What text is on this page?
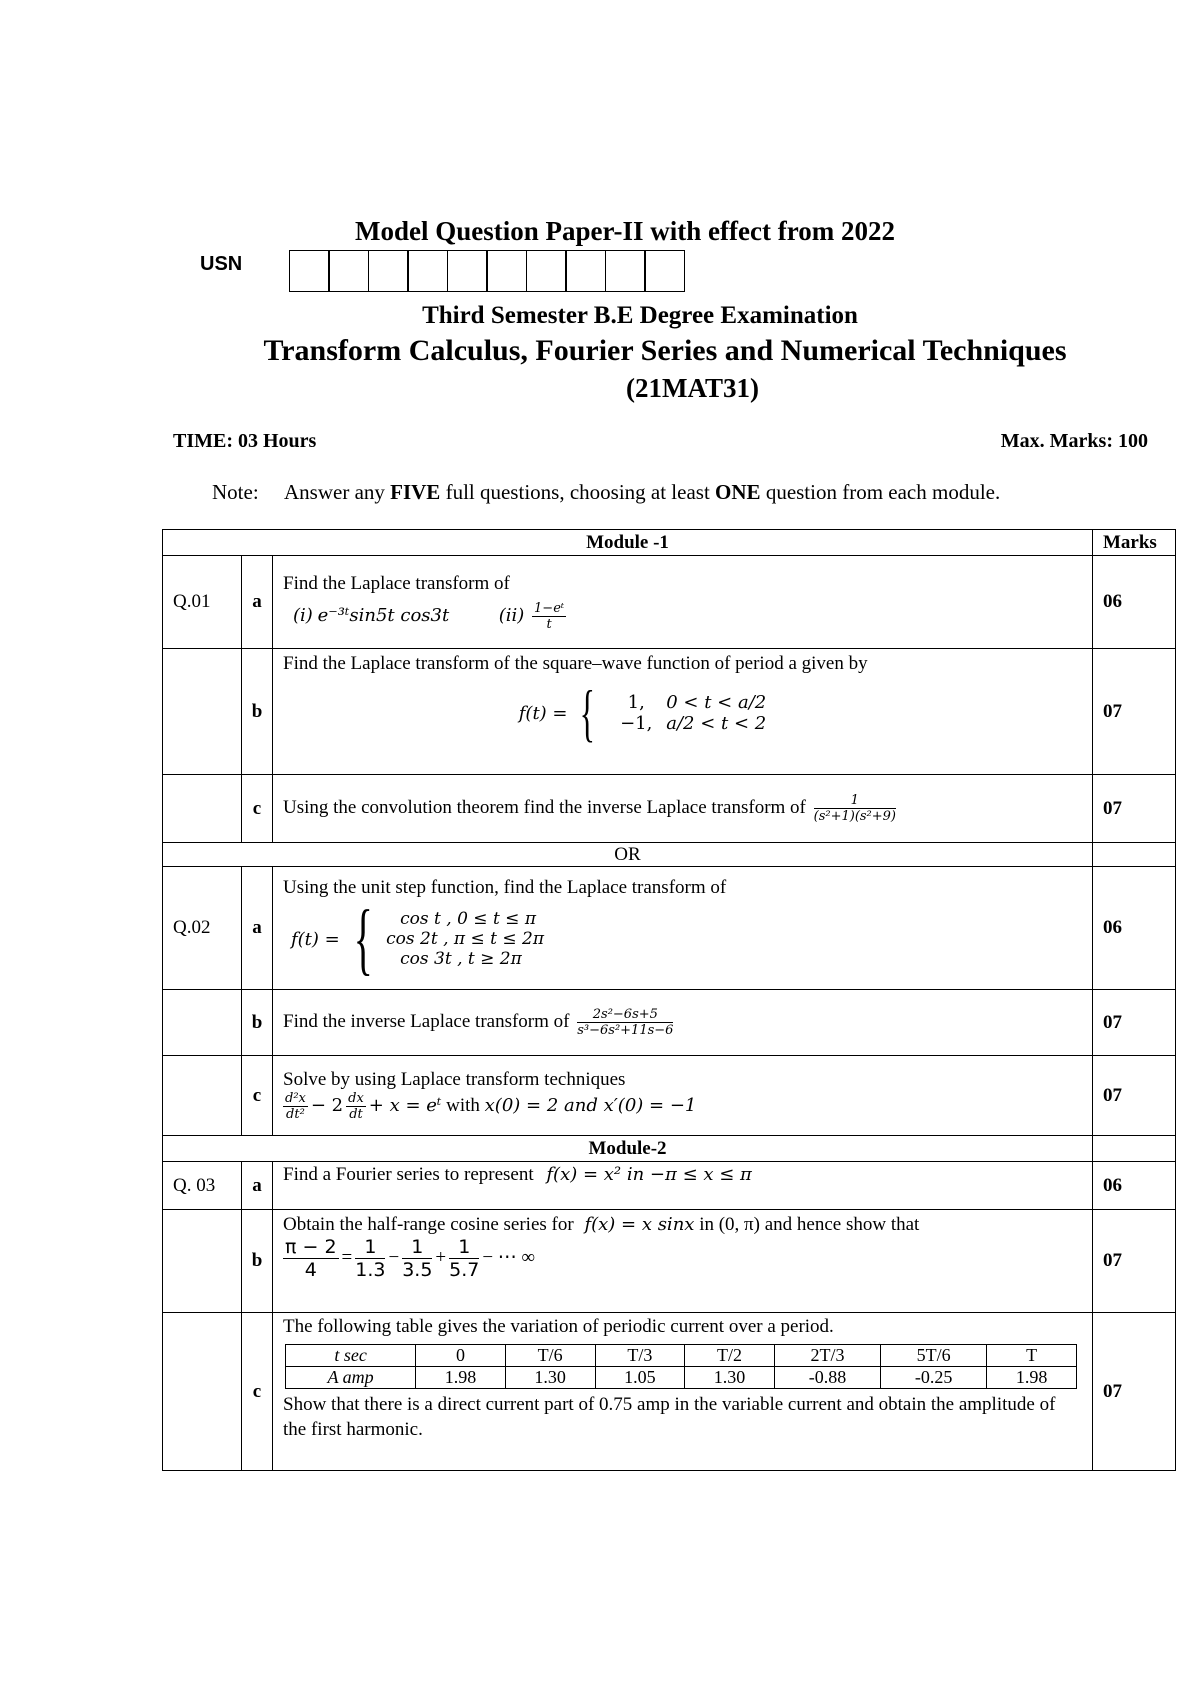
Model Question Paper-II with effect from 2022
USN
Third Semester B.E Degree Examination
Transform Calculus, Fourier Series and Numerical Techniques
(21MAT31)
TIME: 03 Hours	Max. Marks: 100
Note: Answer any FIVE full questions, choosing at least ONE question from each module.
Module -1	Marks
Q.01	a	
Find the Laplace transform of
(i) e⁻³ᵗsin5t cos3t	$(ii) \frac{\text{1−eᵗ}}{t}$	06
	b	
Find the Laplace transform of the square–wave function of period a given by
f(t) = {	1, 0 < t < a/2
−1, a/2 < t < 2
	07
	c	Using the convolution theorem find the inverse Laplace transform of $\frac{1}{\text{(s²+1)(s²+9)}}$	07
OR	
Q.02	a	
Using the unit step function, find the Laplace transform of
f(t) = {	cos t , 0 ≤ t ≤ π
cos 2t , π ≤ t ≤ 2π
cos 3t , t ≥ 2π
	06
	b	Find the inverse Laplace transform of $\frac{\text{2s²−6s+5}}{\text{s³−6s²+11s−6}}$	07
	c	
Solve by using Laplace transform techniques
$\frac{\text{d²x}}{\text{dt²}} - 2 \frac{dx}{dt} + x$ = eᵗ with x(0) = 2 and x′(0) = −1	07
Module-2	
Q. 03	a	Find a Fourier series to represent f(x) = x² in −π ≤ x ≤ π	06
	b	
Obtain the half-range cosine series for f(x) = x sinx in (0, π) and hence show that
$\frac{\pi - 2}{4} = \frac{1}{1.3} - \frac{1}{3.5} + \frac{1}{5.7}$ − ⋯ ∞	07
	c	
The following table gives the variation of periodic current over a period.
t sec	0	T/6	T/3	T/2	2T/3	5T/6	T
A amp	1.98	1.30	1.05	1.30	-0.88	-0.25	1.98
Show that there is a direct current part of 0.75 amp in the variable current and obtain the amplitude of the first harmonic.
	07
